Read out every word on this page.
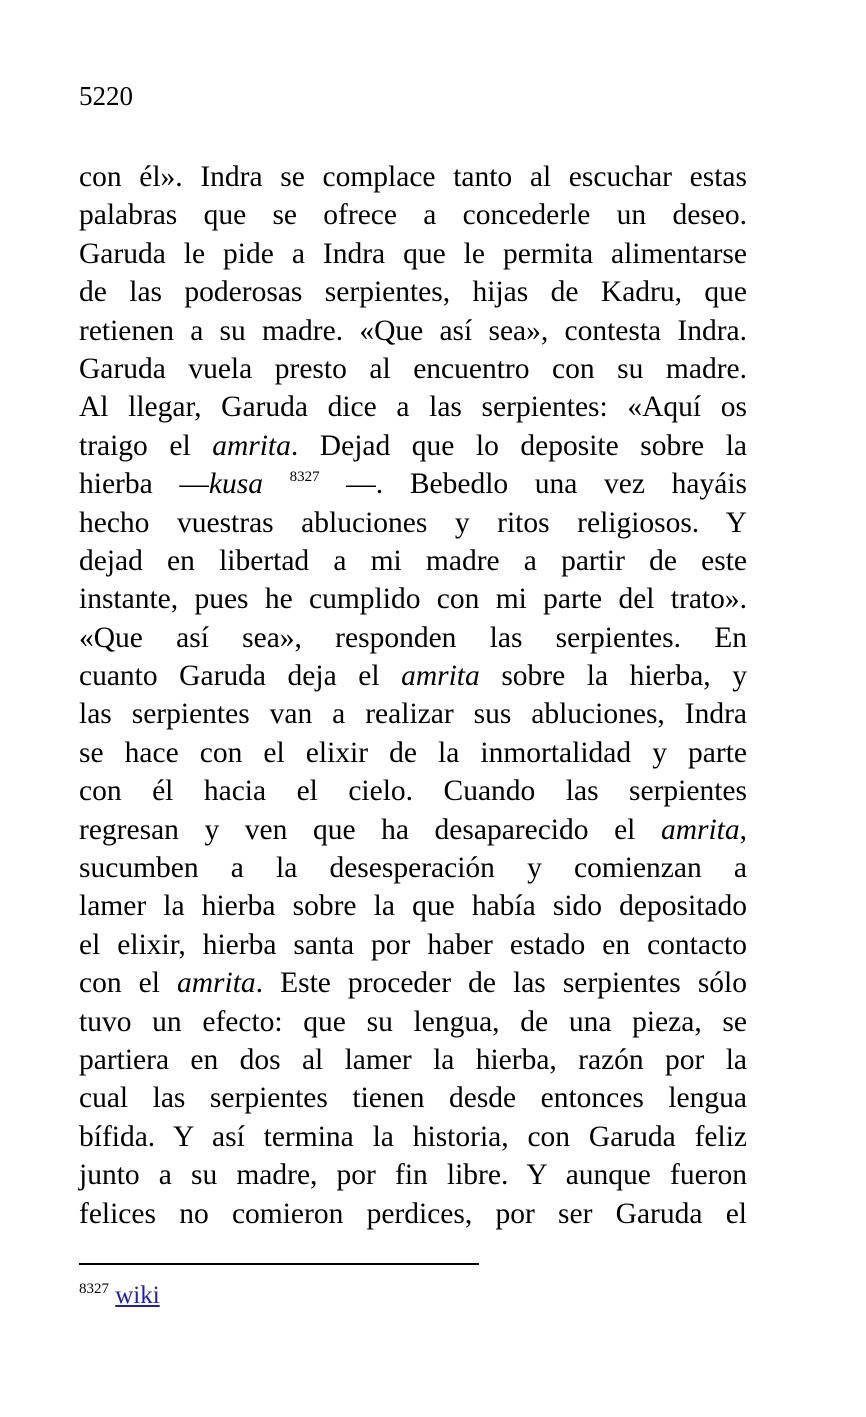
5220
con él». Indra se complace tanto al escuchar estas
palabras que se ofrece a concederle un deseo.
Garuda le pide a Indra que le permita alimentarse
de las poderosas serpientes, hijas de Kadru, que
retienen a su madre. «Que así sea», contesta Indra.
Garuda vuela presto al encuentro con su madre.
Al llegar, Garuda dice a las serpientes: «Aquí os
traigo el amrita. Dejad que lo deposite sobre la
hierba —kusa $^{8327}$ —. Bebedlo una vez hayáis
hecho vuestras abluciones y ritos religiosos. Y
dejad en libertad a mi madre a partir de este
instante, pues he cumplido con mi parte del trato».
«Que así sea», responden las serpientes. En
cuanto Garuda deja el amrita sobre la hierba, y
las serpientes van a realizar sus abluciones, Indra
se hace con el elixir de la inmortalidad y parte
con él hacia el cielo. Cuando las serpientes
regresan y ven que ha desaparecido el amrita,
sucumben a la desesperación y comienzan a
lamer la hierba sobre la que había sido depositado
el elixir, hierba santa por haber estado en contacto
con el amrita. Este proceder de las serpientes sólo
tuvo un efecto: que su lengua, de una pieza, se
partiera en dos al lamer la hierba, razón por la
cual las serpientes tienen desde entonces lengua
bífida. Y así termina la historia, con Garuda feliz
junto a su madre, por fin libre. Y aunque fueron
felices no comieron perdices, por ser Garuda el
$^{8327}$ wiki
